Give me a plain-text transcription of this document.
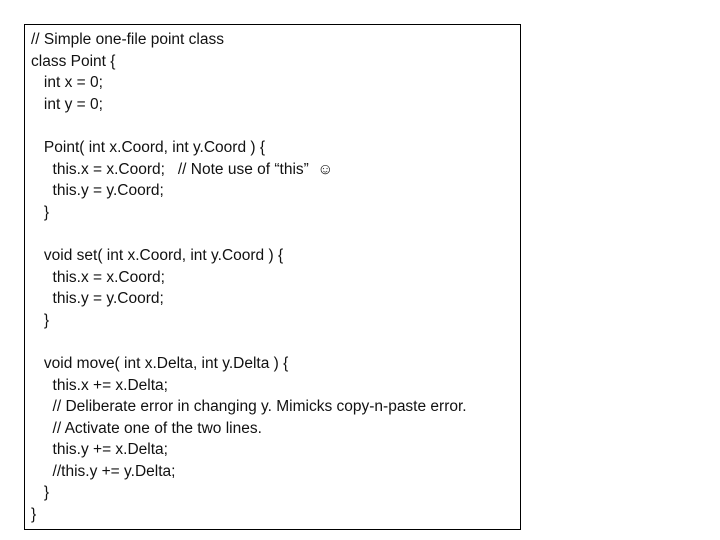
// Simple one-file point class
class Point {
int x = 0;
int y = 0;
Point( int x.Coord, int y.Coord ) {
this.x = x.Coord;   // Note use of “this”  ☺
this.y = y.Coord;
}
void set( int x.Coord, int y.Coord ) {
this.x = x.Coord;
this.y = y.Coord;
}
void move( int x.Delta, int y.Delta ) {
this.x += x.Delta;
// Deliberate error in changing y. Mimicks copy-n-paste error.
// Activate one of the two lines.
this.y += x.Delta;
//this.y += y.Delta;
}
}
